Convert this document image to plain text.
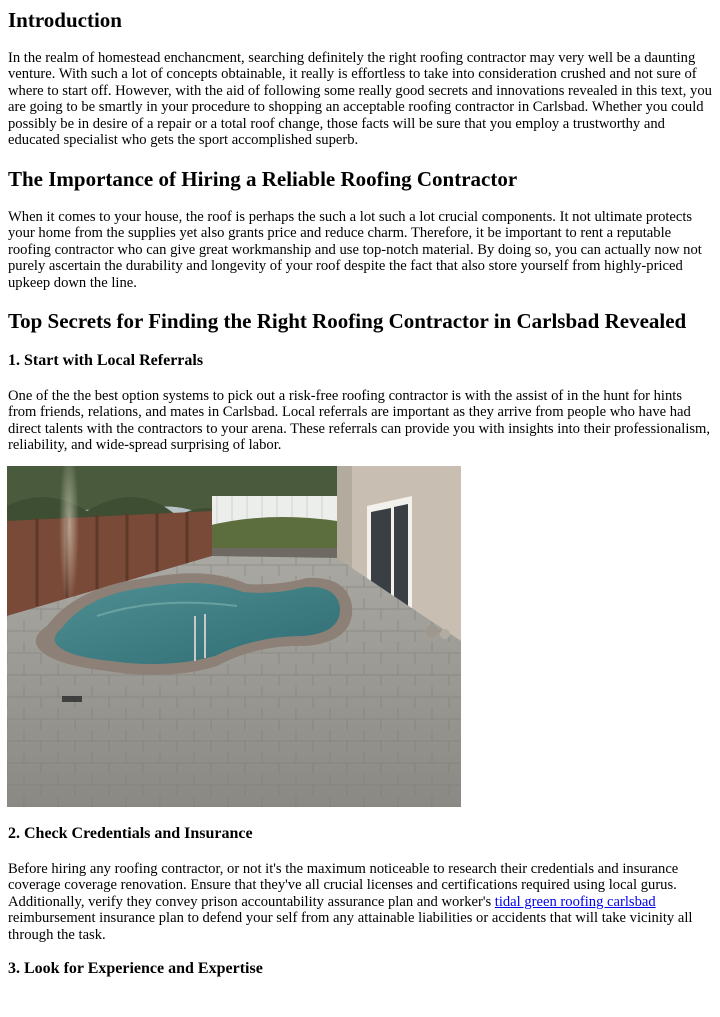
Introduction

In the realm of homestead enchancment, searching definitely the right roofing contractor may very well be a daunting venture. With such a lot of concepts obtainable, it really is effortless to take into consideration crushed and not sure of where to start off. However, with the aid of following some really good secrets and innovations revealed in this text, you are going to be smartly in your procedure to shopping an acceptable roofing contractor in Carlsbad. Whether you could possibly be in desire of a repair or a total roof change, those facts will be sure that you employ a trustworthy and educated specialist who gets the sport accomplished superb.

The Importance of Hiring a Reliable Roofing Contractor

When it comes to your house, the roof is perhaps the such a lot such a lot crucial components. It not ultimate protects your home from the supplies yet also grants price and reduce charm. Therefore, it be important to rent a reputable roofing contractor who can give great workmanship and use top-notch material. By doing so, you can actually now not purely ascertain the durability and longevity of your roof despite the fact that also store yourself from highly-priced upkeep down the line.

Top Secrets for Finding the Right Roofing Contractor in Carlsbad Revealed
1. Start with Local Referrals

One of the the best option systems to pick out a risk-free roofing contractor is with the assist of in the hunt for hints from friends, relations, and mates in Carlsbad. Local referrals are important as they arrive from people who have had direct talents with the contractors to your arena. These referrals can provide you with insights into their professionalism, reliability, and wide-spread surprising of labor.

2. Check Credentials and Insurance

Before hiring any roofing contractor, or not it's the maximum noticeable to research their credentials and insurance coverage coverage renovation. Ensure that they've all crucial licenses and certifications required using local gurus. Additionally, verify they convey prison accountability assurance plan and worker's tidal green roofing carlsbad reimbursement insurance plan to defend your self from any attainable liabilities or accidents that will take vicinity all through the task.

3. Look for Experience and Expertise
